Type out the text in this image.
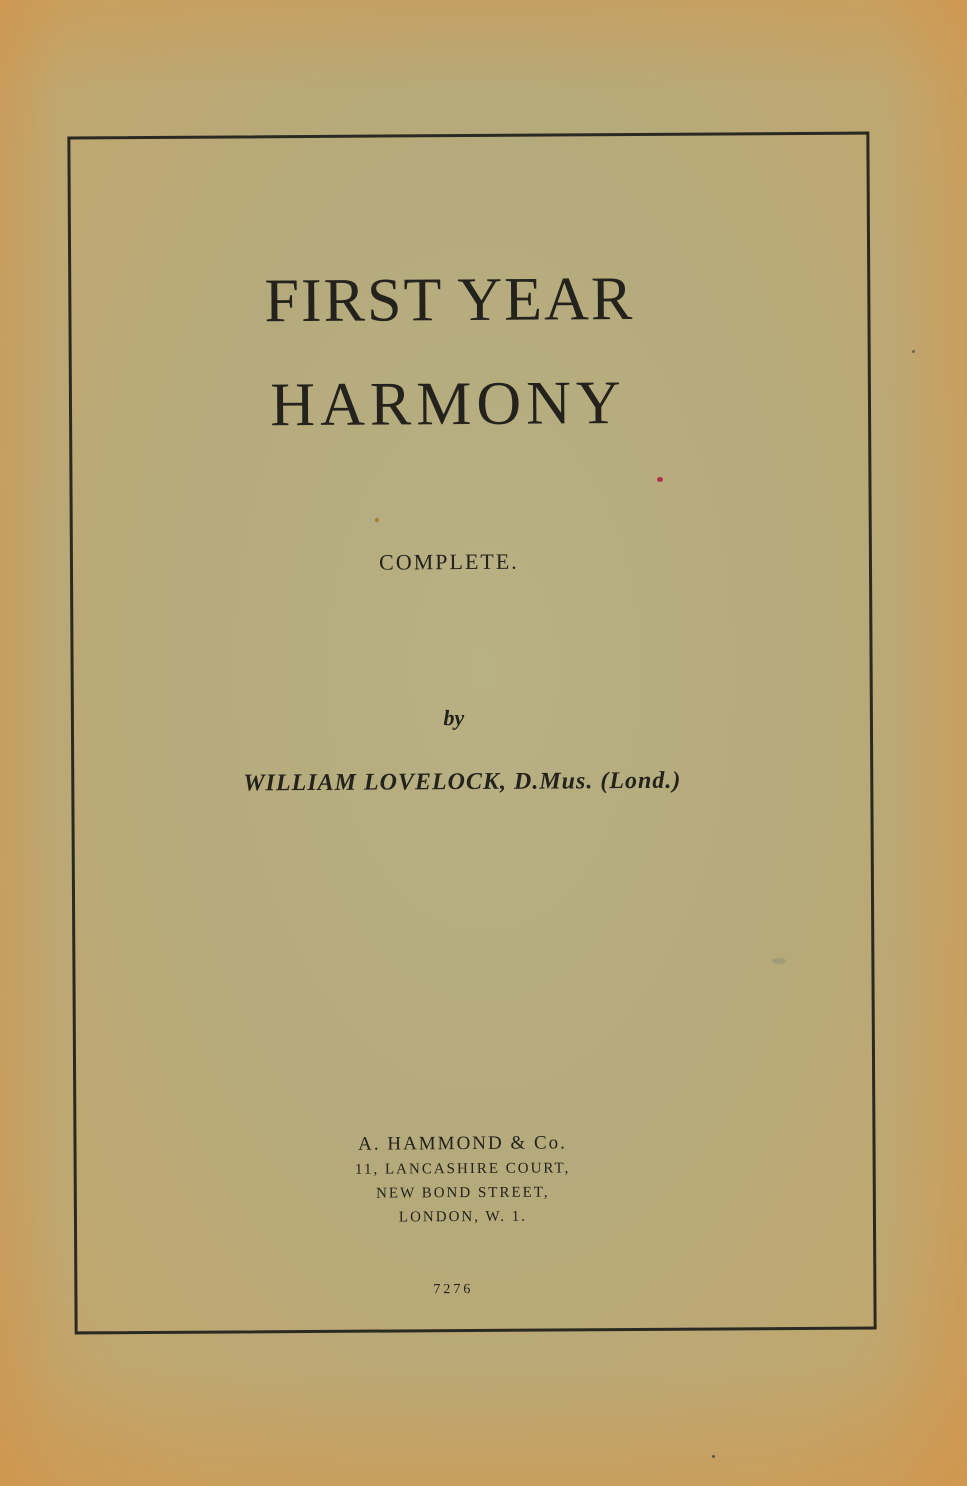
FIRST YEAR
HARMONY
COMPLETE.
by
WILLIAM LOVELOCK, D.Mus. (Lond.)
A. HAMMOND & Co.
11, LANCASHIRE COURT,
NEW BOND STREET,
LONDON, W. 1.
7276
